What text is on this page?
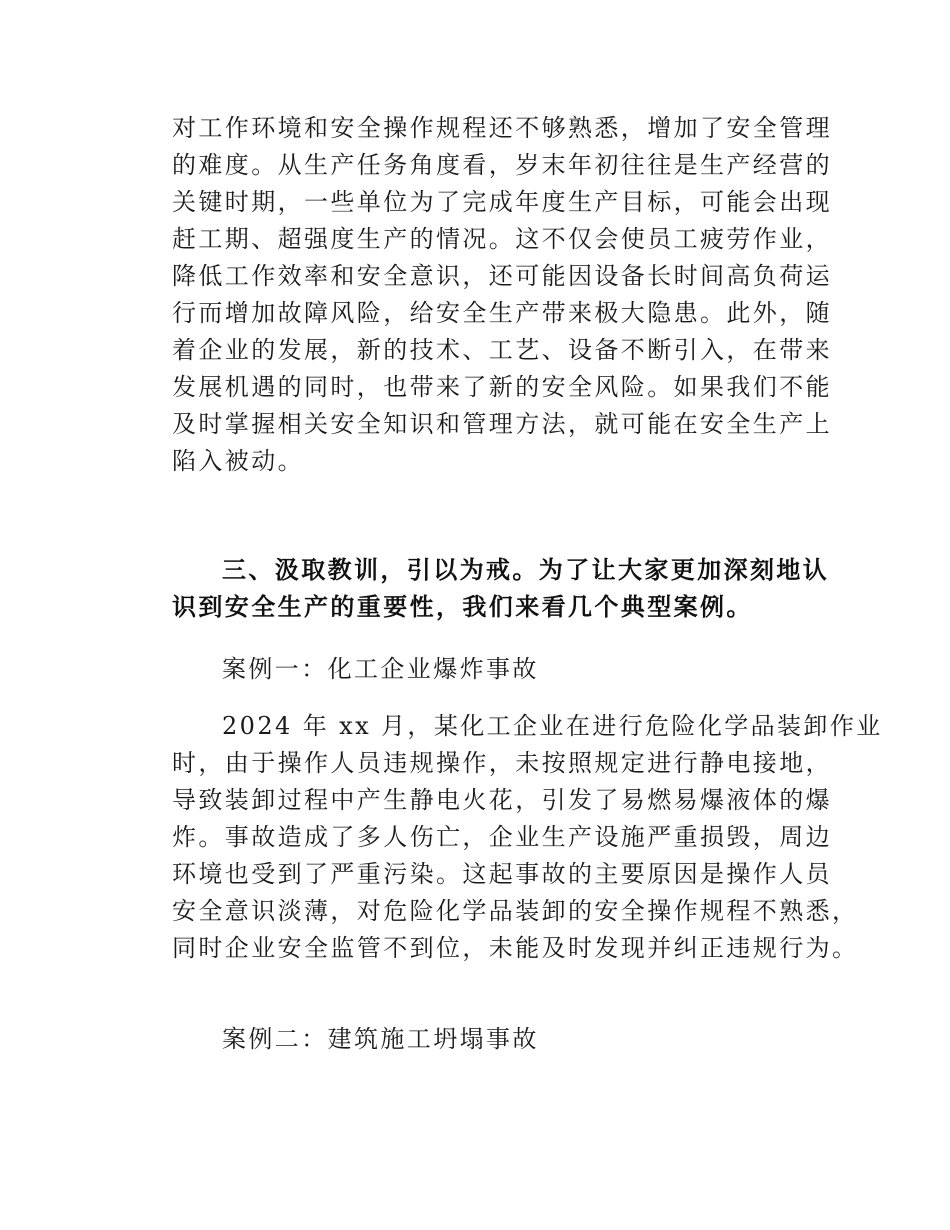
对工作环境和安全操作规程还不够熟悉，增加了安全管理
的难度。从生产任务角度看，岁末年初往往是生产经营的
关键时期，一些单位为了完成年度生产目标，可能会出现
赶工期、超强度生产的情况。这不仅会使员工疲劳作业，
降低工作效率和安全意识，还可能因设备长时间高负荷运
行而增加故障风险，给安全生产带来极大隐患。此外，随
着企业的发展，新的技术、工艺、设备不断引入，在带来
发展机遇的同时，也带来了新的安全风险。如果我们不能
及时掌握相关安全知识和管理方法，就可能在安全生产上
陷入被动。
三、汲取教训，引以为戒。为了让大家更加深刻地认
识到安全生产的重要性，我们来看几个典型案例。
案例一：化工企业爆炸事故
2024 年 xx 月，某化工企业在进行危险化学品装卸作业
时，由于操作人员违规操作，未按照规定进行静电接地，
导致装卸过程中产生静电火花，引发了易燃易爆液体的爆
炸。事故造成了多人伤亡，企业生产设施严重损毁，周边
环境也受到了严重污染。这起事故的主要原因是操作人员
安全意识淡薄，对危险化学品装卸的安全操作规程不熟悉，
同时企业安全监管不到位，未能及时发现并纠正违规行为。
案例二：建筑施工坍塌事故
